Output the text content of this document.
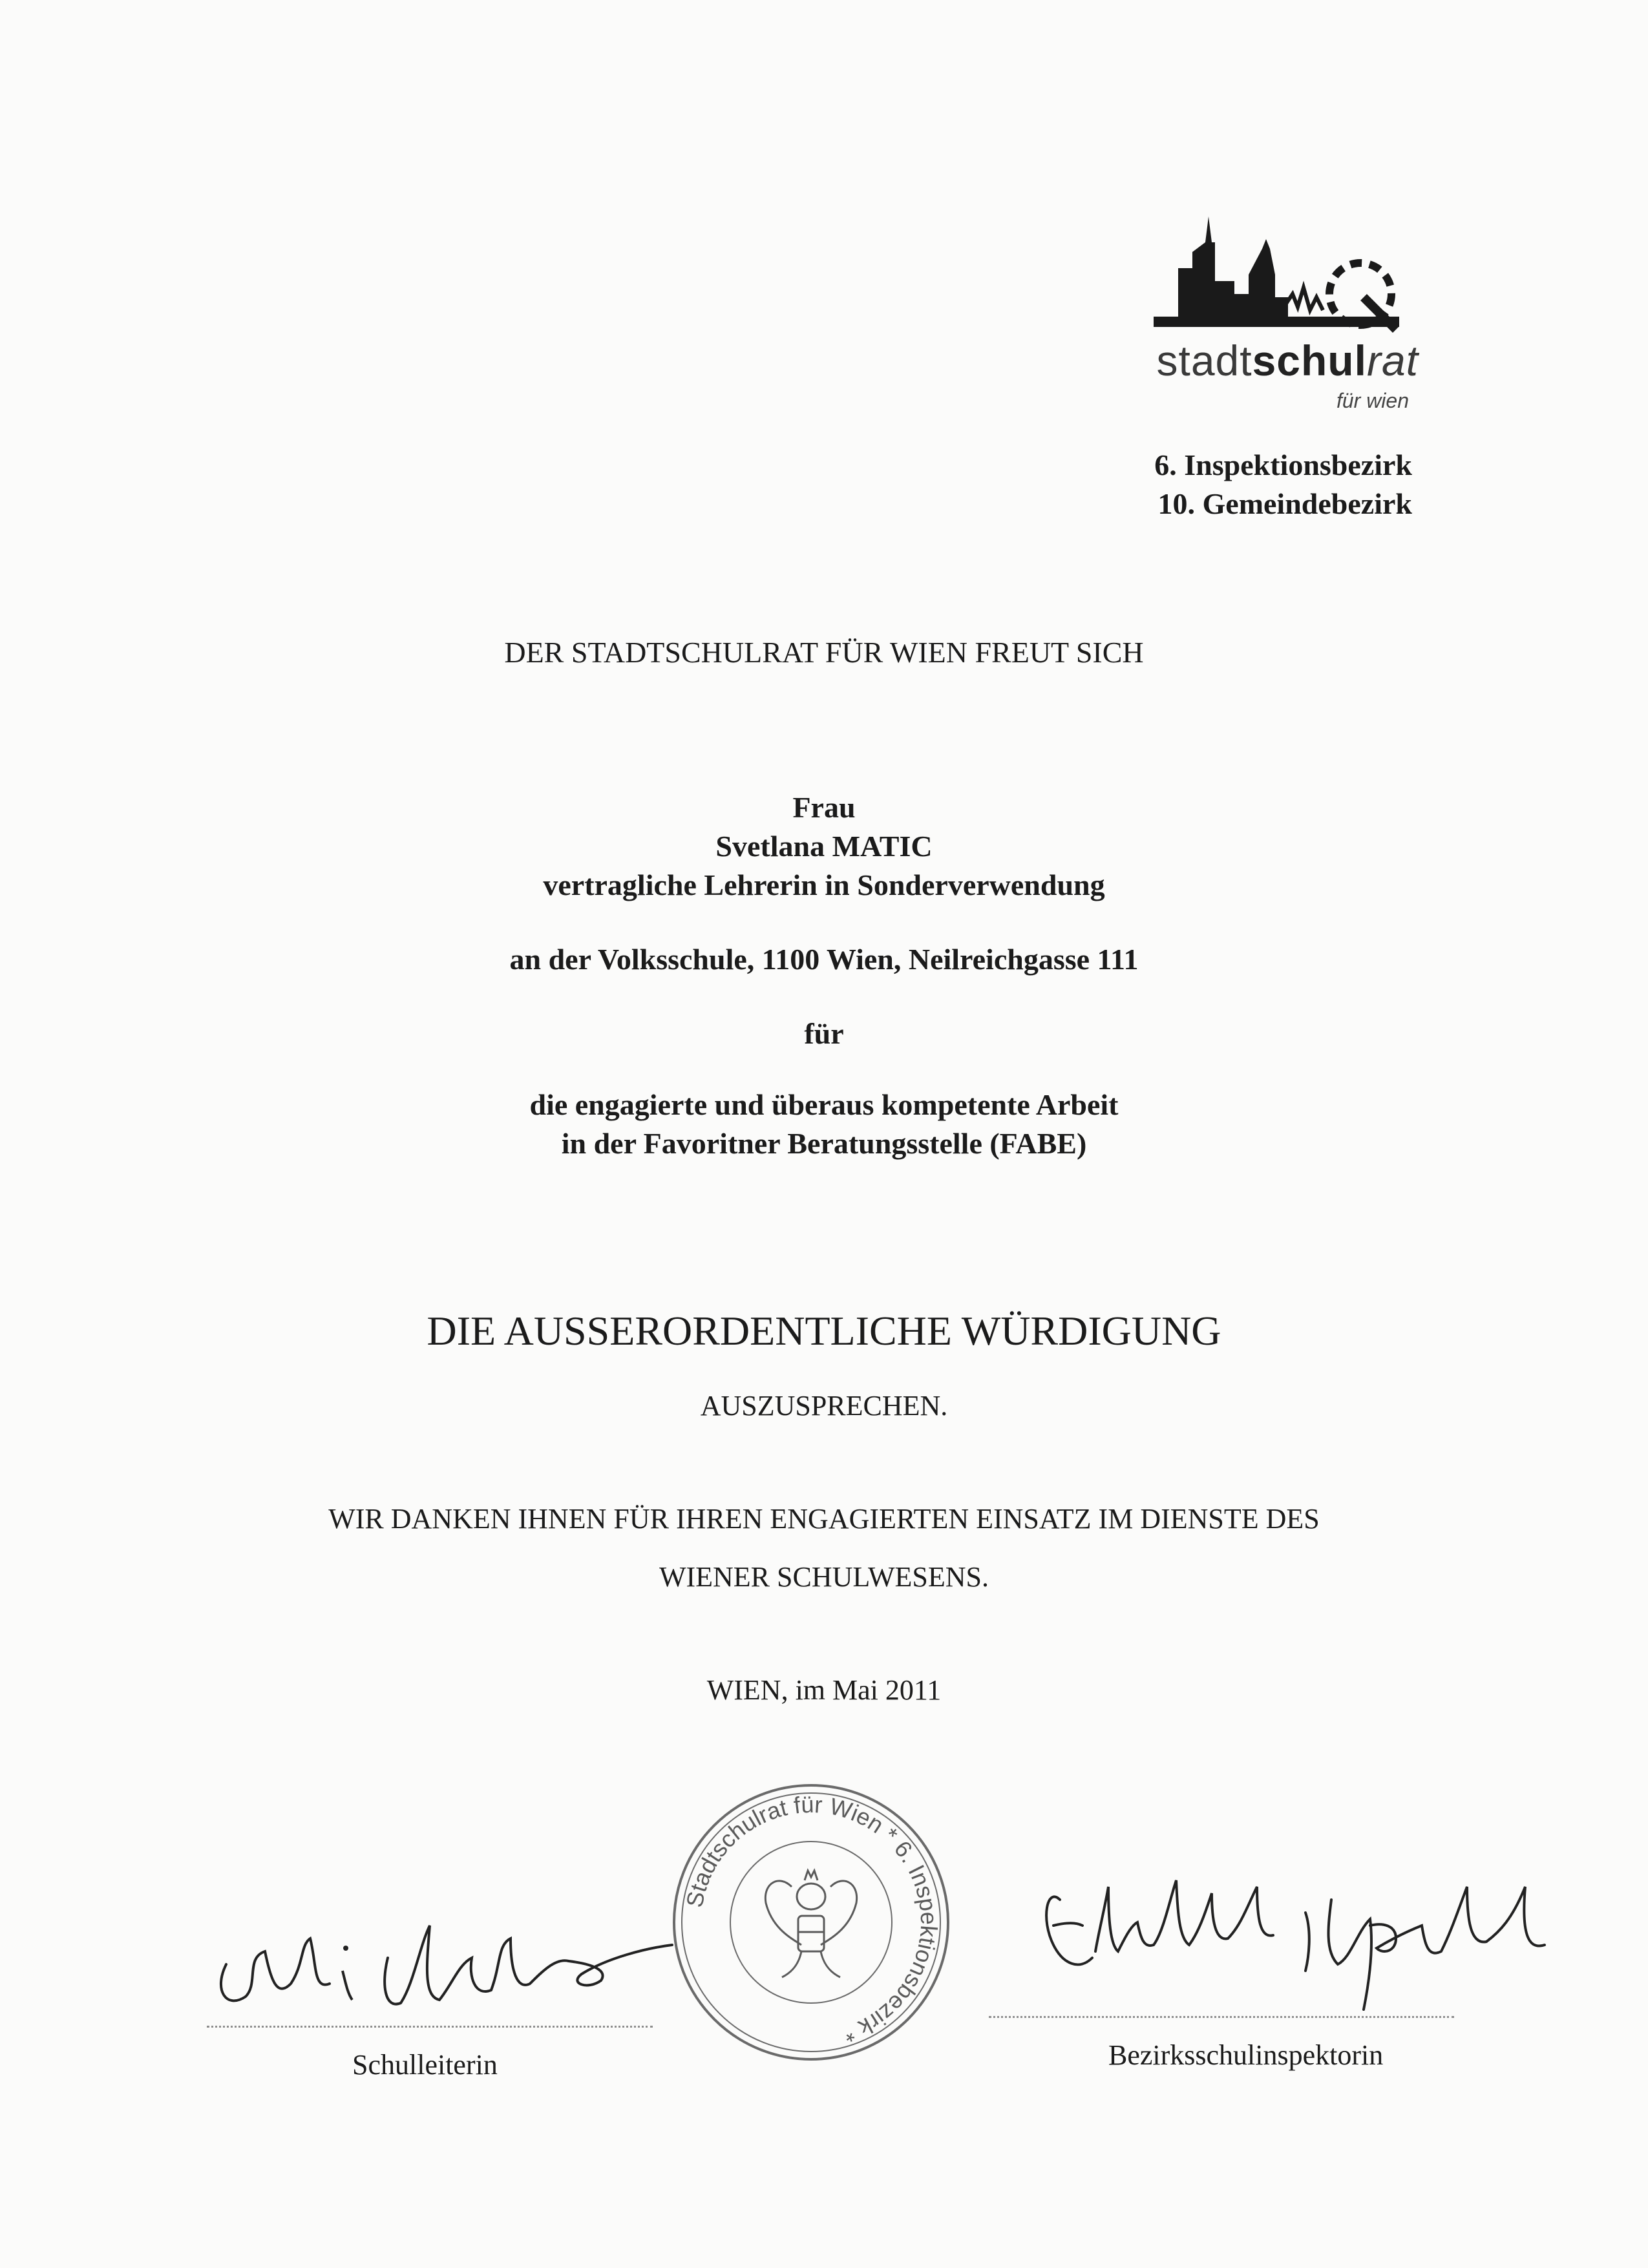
stadtschulrat
für wien
6. Inspektionsbezirk
10. Gemeindebezirk
DER STADTSCHULRAT FÜR WIEN FREUT SICH
Frau
Svetlana MATIC
vertragliche Lehrerin in Sonderverwendung
an der Volksschule, 1100 Wien, Neilreichgasse 111
für
die engagierte und überaus kompetente Arbeit
in der Favoritner Beratungsstelle (FABE)
DIE AUSSERORDENTLICHE WÜRDIGUNG
AUSZUSPRECHEN.
WIR DANKEN IHNEN FÜR IHREN ENGAGIERTEN EINSATZ IM DIENSTE DES
WIENER SCHULWESENS.
WIEN, im Mai 2011
Schulleiterin	Bezirksschulinspektorin
Stadtschulrat für Wien * 6. Inspektionsbezirk *
